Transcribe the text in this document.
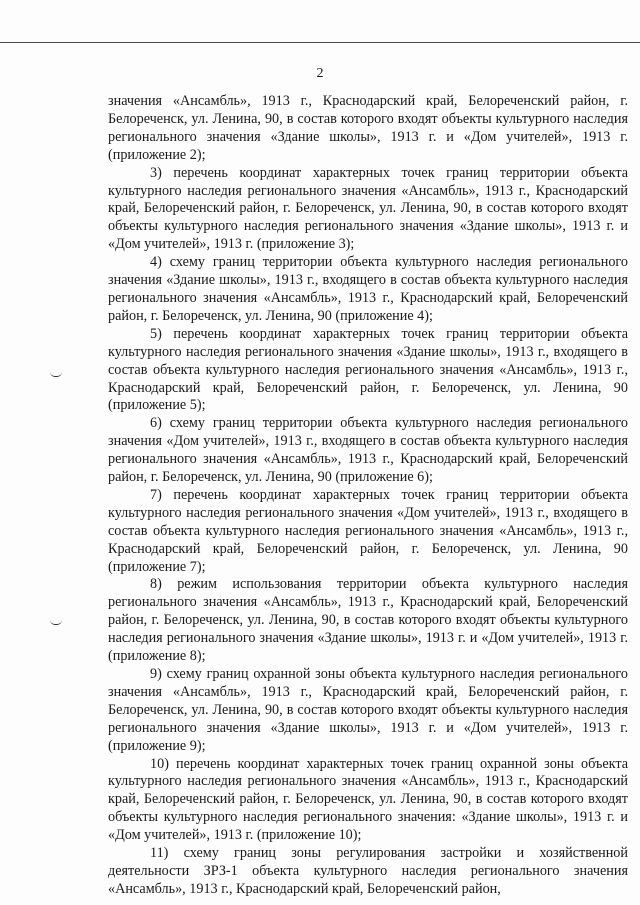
2

значения «Ансамбль», 1913 г., Краснодарский край, Белореченский район, г. Белореченск, ул. Ленина, 90, в состав которого входят объекты культурного наследия регионального значения «Здание школы», 1913 г. и «Дом учителей», 1913 г. (приложение 2);

3) перечень координат характерных точек границ территории объекта культурного наследия регионального значения «Ансамбль», 1913 г., Краснодарский край, Белореченский район, г. Белореченск, ул. Ленина, 90, в состав которого входят объекты культурного наследия регионального значения «Здание школы», 1913 г. и «Дом учителей», 1913 г. (приложение 3);

4) схему границ территории объекта культурного наследия регионального значения «Здание школы», 1913 г., входящего в состав объекта культурного наследия регионального значения «Ансамбль», 1913 г., Краснодарский край, Белореченский район, г. Белореченск, ул. Ленина, 90 (приложение 4);

5) перечень координат характерных точек границ территории объекта культурного наследия регионального значения «Здание школы», 1913 г., входящего в состав объекта культурного наследия регионального значения «Ансамбль», 1913 г., Краснодарский край, Белореченский район, г. Белореченск, ул. Ленина, 90 (приложение 5);

6) схему границ территории объекта культурного наследия регионального значения «Дом учителей», 1913 г., входящего в состав объекта культурного наследия регионального значения «Ансамбль», 1913 г., Краснодарский край, Белореченский район, г. Белореченск, ул. Ленина, 90 (приложение 6);

7) перечень координат характерных точек границ территории объекта культурного наследия регионального значения «Дом учителей», 1913 г., входящего в состав объекта культурного наследия регионального значения «Ансамбль», 1913 г., Краснодарский край, Белореченский район, г. Белореченск, ул. Ленина, 90 (приложение 7);

8) режим использования территории объекта культурного наследия регионального значения «Ансамбль», 1913 г., Краснодарский край, Белореченский район, г. Белореченск, ул. Ленина, 90, в состав которого входят объекты культурного наследия регионального значения «Здание школы», 1913 г. и «Дом учителей», 1913 г. (приложение 8);

9) схему границ охранной зоны объекта культурного наследия регионального значения «Ансамбль», 1913 г., Краснодарский край, Белореченский район, г. Белореченск, ул. Ленина, 90, в состав которого входят объекты культурного наследия регионального значения «Здание школы», 1913 г. и «Дом учителей», 1913 г. (приложение 9);

10) перечень координат характерных точек границ охранной зоны объекта культурного наследия регионального значения «Ансамбль», 1913 г., Краснодарский край, Белореченский район, г. Белореченск, ул. Ленина, 90, в состав которого входят объекты культурного наследия регионального значения: «Здание школы», 1913 г. и «Дом учителей», 1913 г. (приложение 10);

11) схему границ зоны регулирования застройки и хозяйственной деятельности ЗРЗ-1 объекта культурного наследия регионального значения «Ансамбль», 1913 г., Краснодарский край, Белореченский район,
